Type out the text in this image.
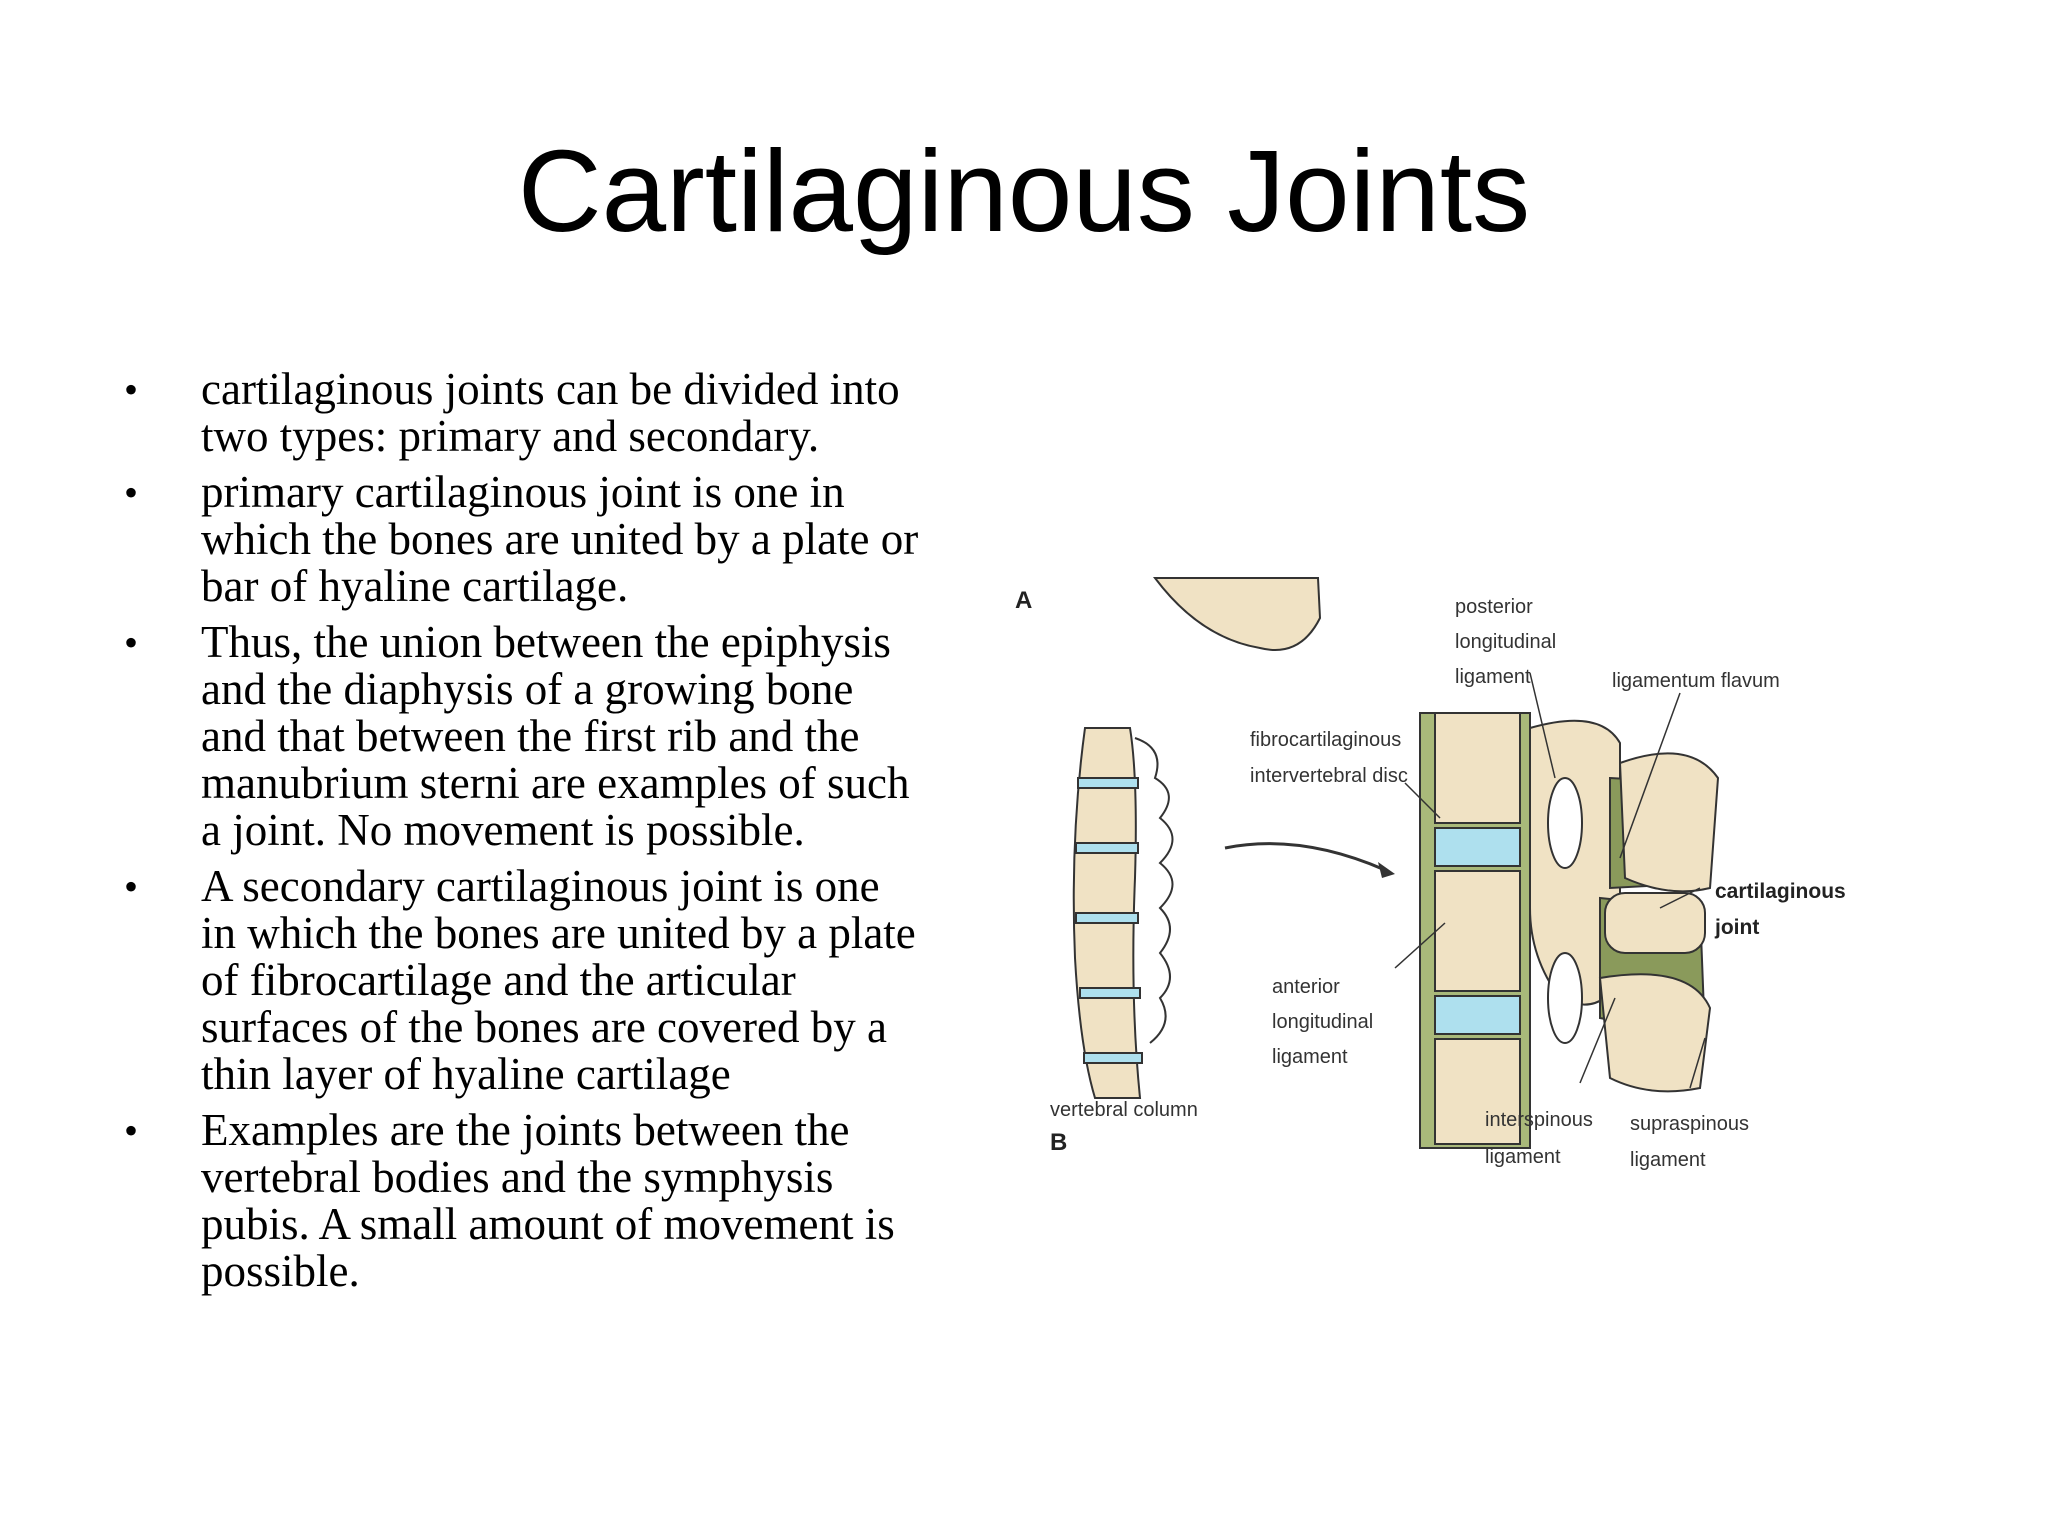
Cartilaginous Joints
• cartilaginous joints can be divided into two types: primary and secondary.
• primary cartilaginous joint is one in which the bones are united by a plate or bar of hyaline cartilage.
• Thus, the union between the epiphysis and the diaphysis of a growing bone and that between the first rib and the manubrium sterni are examples of such a joint. No movement is possible.
• A secondary cartilaginous joint is one in which the bones are united by a plate of fibrocartilage and the articular surfaces of the bones are covered by a thin layer of hyaline cartilage
• Examples are the joints between the vertebral bodies and the symphysis pubis. A small amount of movement is possible.
A
B
posterior
longitudinal
ligament	ligamentum flavum
fibrocartilaginous
intervertebral disc
cartilaginous
joint
anterior
longitudinal
ligament
vertebral column	interspinous
ligament
supraspinous
ligament
